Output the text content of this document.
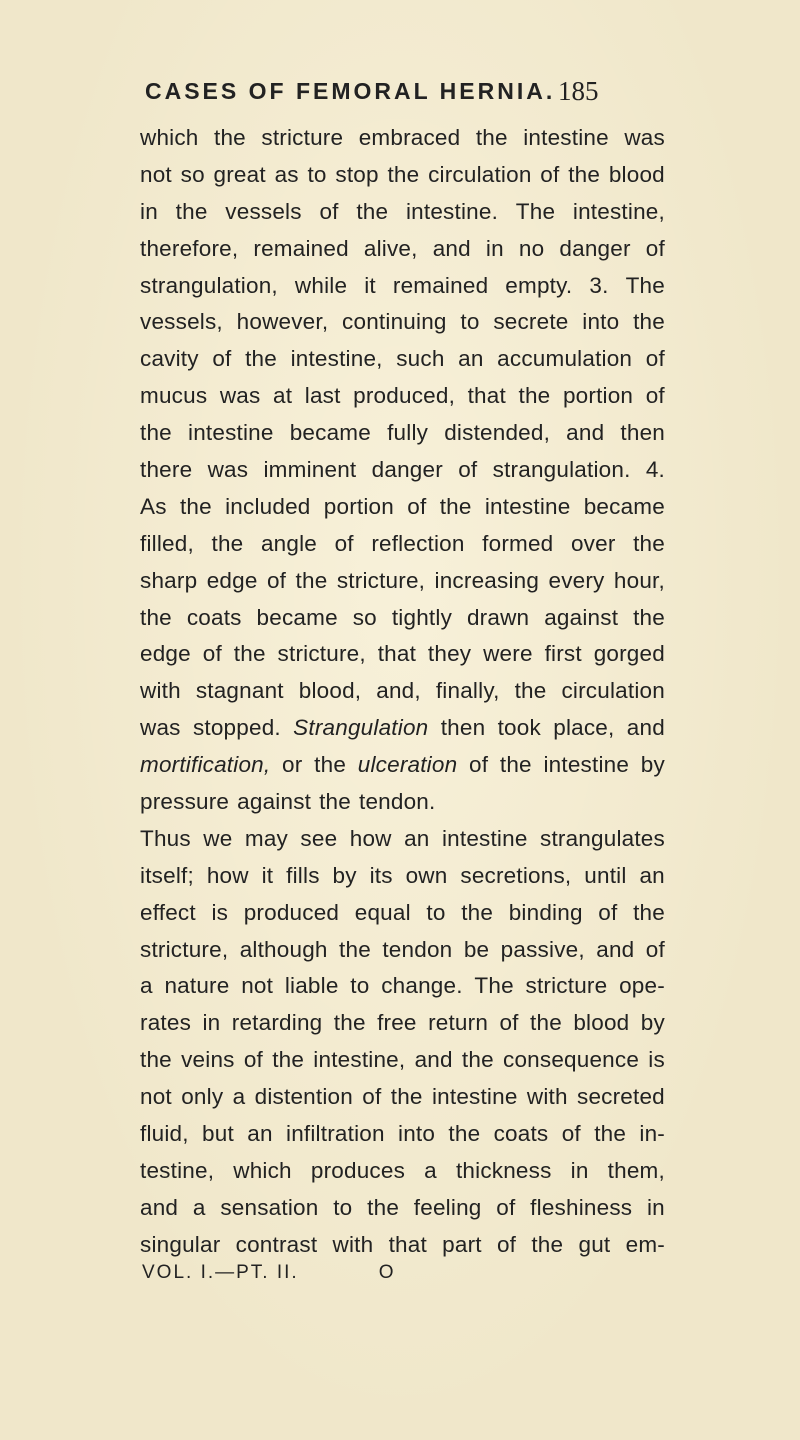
CASES OF FEMORAL HERNIA. 185
which the stricture embraced the intestine was
not so great as to stop the circulation of the blood
in the vessels of the intestine. The intestine,
therefore, remained alive, and in no danger of
strangulation, while it remained empty. 3. The
vessels, however, continuing to secrete into the
cavity of the intestine, such an accumulation of
mucus was at last produced, that the portion of
the intestine became fully distended, and then
there was imminent danger of strangulation. 4.
As the included portion of the intestine became
filled, the angle of reflection formed over the
sharp edge of the stricture, increasing every hour,
the coats became so tightly drawn against the
edge of the stricture, that they were first gorged
with stagnant blood, and, finally, the circulation
was stopped. Strangulation then took place, and
mortification, or the ulceration of the intestine by
pressure against the tendon.
Thus we may see how an intestine strangulates
itself; how it fills by its own secretions, until an
effect is produced equal to the binding of the
stricture, although the tendon be passive, and of
a nature not liable to change. The stricture ope-
rates in retarding the free return of the blood by
the veins of the intestine, and the consequence is
not only a distention of the intestine with secreted
fluid, but an infiltration into the coats of the in-
testine, which produces a thickness in them,
and a sensation to the feeling of fleshiness in
singular contrast with that part of the gut em-
VOL. I.—PT. II.	O
